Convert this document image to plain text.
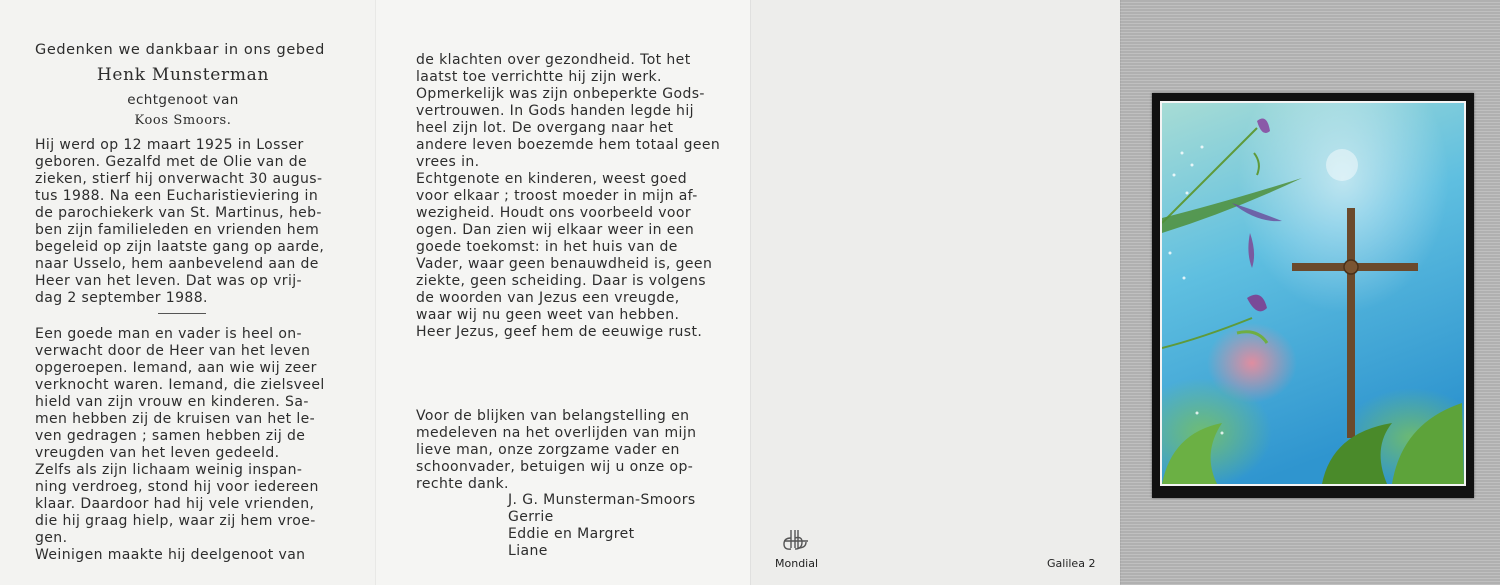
Gedenken we dankbaar in ons gebed
Henk Munsterman
echtgenoot van
Koos Smoors.
Hij werd op 12 maart 1925 in Losser
geboren. Gezalfd met de Olie van de
zieken, stierf hij onverwacht 30 augus-
tus 1988. Na een Eucharistieviering in
de parochiekerk van St. Martinus, heb-
ben zijn familieleden en vrienden hem
begeleid op zijn laatste gang op aarde,
naar Usselo, hem aanbevelend aan de
Heer van het leven. Dat was op vrij-
dag 2 september 1988.
Een goede man en vader is heel on-
verwacht door de Heer van het leven
opgeroepen. Iemand, aan wie wij zeer
verknocht waren. Iemand, die zielsveel
hield van zijn vrouw en kinderen. Sa-
men hebben zij de kruisen van het le-
ven gedragen ; samen hebben zij de
vreugden van het leven gedeeld.
Zelfs als zijn lichaam weinig inspan-
ning verdroeg, stond hij voor iedereen
klaar. Daardoor had hij vele vrienden,
die hij graag hielp, waar zij hem vroe-
gen.
Weinigen maakte hij deelgenoot van
de klachten over gezondheid. Tot het
laatst toe verrichtte hij zijn werk.
Opmerkelijk was zijn onbeperkte Gods-
vertrouwen. In Gods handen legde hij
heel zijn lot. De overgang naar het
andere leven boezemde hem totaal geen
vrees in.
Echtgenote en kinderen, weest goed
voor elkaar ; troost moeder in mijn af-
wezigheid. Houdt ons voorbeeld voor
ogen. Dan zien wij elkaar weer in een
goede toekomst: in het huis van de
Vader, waar geen benauwdheid is, geen
ziekte, geen scheiding. Daar is volgens
de woorden van Jezus een vreugde,
waar wij nu geen weet van hebben.
Heer Jezus, geef hem de eeuwige rust.
Voor de blijken van belangstelling en
medeleven na het overlijden van mijn
lieve man, onze zorgzame vader en
schoonvader, betuigen wij u onze op-
rechte dank.
J. G. Munsterman-Smoors
Gerrie
Eddie en Margret
Liane
Mondial	Galilea 2
